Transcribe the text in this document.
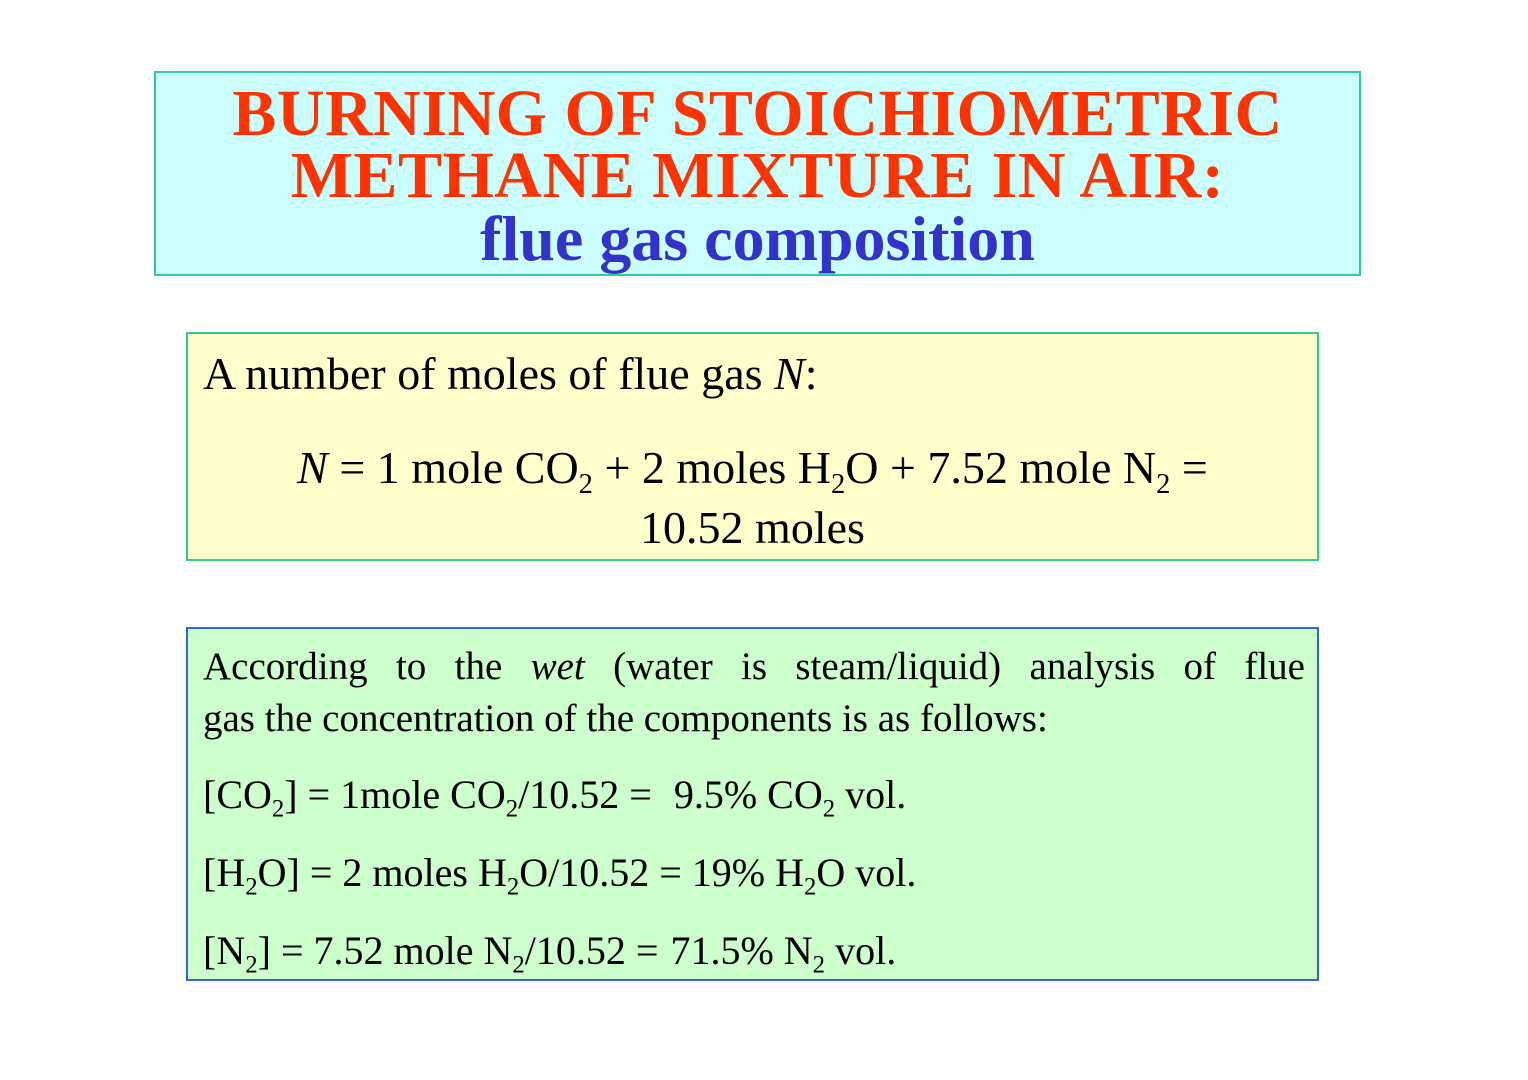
BURNING OF STOICHIOMETRIC
METHANE MIXTURE IN AIR:
flue gas composition
A number of moles of flue gas N:
N = 1 mole $CO_2 + 2$ moles $H_2O + 7.52$ mole $N_2$ =
10.52 moles
According to the wet (water is steam/liquid) analysis of flue
gas the concentration of the components is as follows:
$[CO_2]$ = 1mole $CO_2/10.52 = 9.5\%$ $CO_2$ vol.
$[H_2O] = 2$ moles $H_2O/10.52 = 19\%$ $H_2O$ vol.
$[N_2] = 7.52$ mole $N_2/10.52 = 71.5\%$ $N_2$ vol.
